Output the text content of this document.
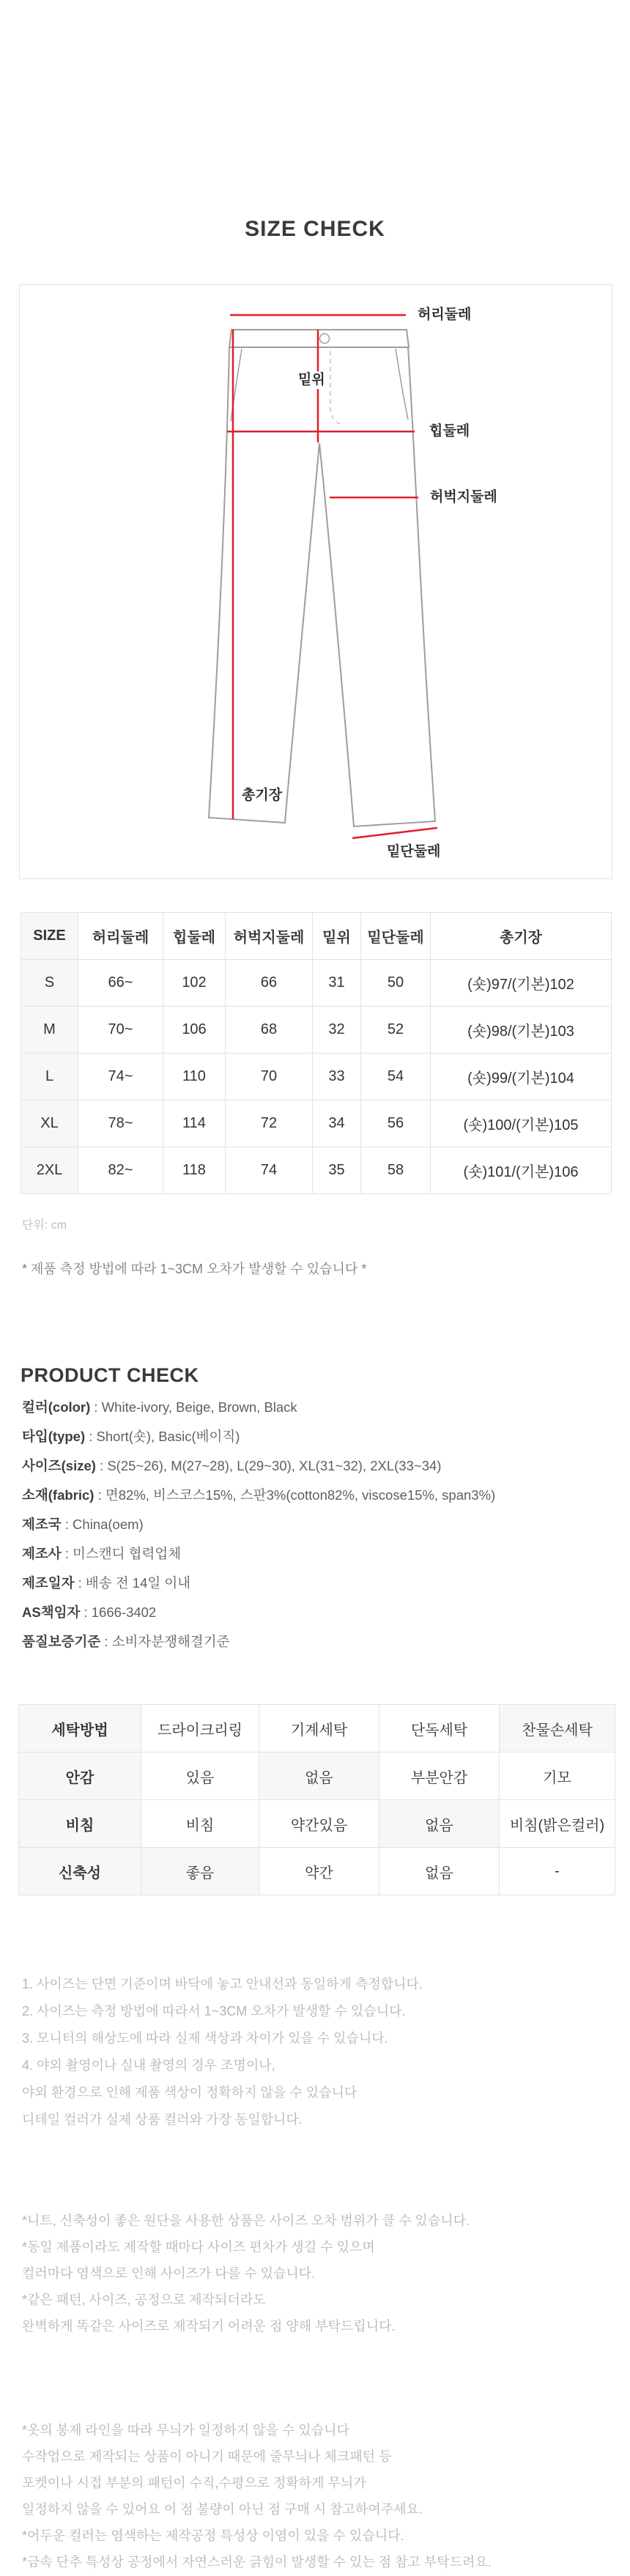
SIZE CHECK
허리둘레
밑위
힙둘레
허벅지둘레
총기장
밑단둘레
SIZE	허리둘레	힙둘레	허벅지둘레	밑위	밑단둘레	총기장
S	66~	102	66	31	50	(숏)97/(기본)102
M	70~	106	68	32	52	(숏)98/(기본)103
L	74~	110	70	33	54	(숏)99/(기본)104
XL	78~	114	72	34	56	(숏)100/(기본)105
2XL	82~	118	74	35	58	(숏)101/(기본)106
단위: cm
* 제품 측정 방법에 따라 1~3CM 오차가 발생할 수 있습니다 *
PRODUCT CHECK
컬러(color) : White-ivory, Beige, Brown, Black
타입(type) : Short(숏), Basic(베이직)
사이즈(size) : S(25~26), M(27~28), L(29~30), XL(31~32), 2XL(33~34)
소재(fabric) : 면82%, 비스코스15%, 스판3%(cotton82%, viscose15%, span3%)
제조국 : China(oem)
제조사 : 미스캔디 협력업체
제조일자 : 배송 전 14일 이내
AS책임자 : 1666-3402
품질보증기준 : 소비자분쟁해결기준
세탁방법	드라이크리링	기계세탁	단독세탁	찬물손세탁
안감	있음	없음	부분안감	기모
비침	비침	약간있음	없음	비침(밝은컬러)
신축성	좋음	약간	없음	-
1. 사이즈는 단면 기준이며 바닥에 놓고 안내선과 동일하게 측정합니다.
2. 사이즈는 측정 방법에 따라서 1~3CM 오차가 발생할 수 있습니다.
3. 모니터의 해상도에 따라 실제 색상과 차이가 있을 수 있습니다.
4. 야외 촬영이나 실내 촬영의 경우 조명이나,
야외 환경으로 인해 제품 색상이 정확하지 않을 수 있습니다
디테일 컬러가 실제 상품 컬러와 가장 동일합니다.
*니트, 신축성이 좋은 원단을 사용한 상품은 사이즈 오차 범위가 클 수 있습니다.
*동일 제품이라도 제작할 때마다 사이즈 편차가 생길 수 있으며
컬러마다 염색으로 인해 사이즈가 다를 수 있습니다.
*같은 패턴, 사이즈, 공정으로 제작되더라도
완벽하게 똑같은 사이즈로 제작되기 어려운 점 양해 부탁드립니다.
*옷의 봉제 라인을 따라 무늬가 일정하지 않을 수 있습니다
수작업으로 제작되는 상품이 아니기 때문에 줄무늬나 체크패턴 등
포켓이나 시접 부분의 패턴이 수직,수평으로 정확하게 무늬가
일정하지 않을 수 있어요 이 점 불량이 아닌 점 구매 시 참고하여주세요.
*어두운 컬러는 염색하는 제작공정 특성상 이염이 있을 수 있습니다.
*금속 단추 특성상 공정에서 자연스러운 긁힘이 발생할 수 있는 점 참고 부탁드려요.
